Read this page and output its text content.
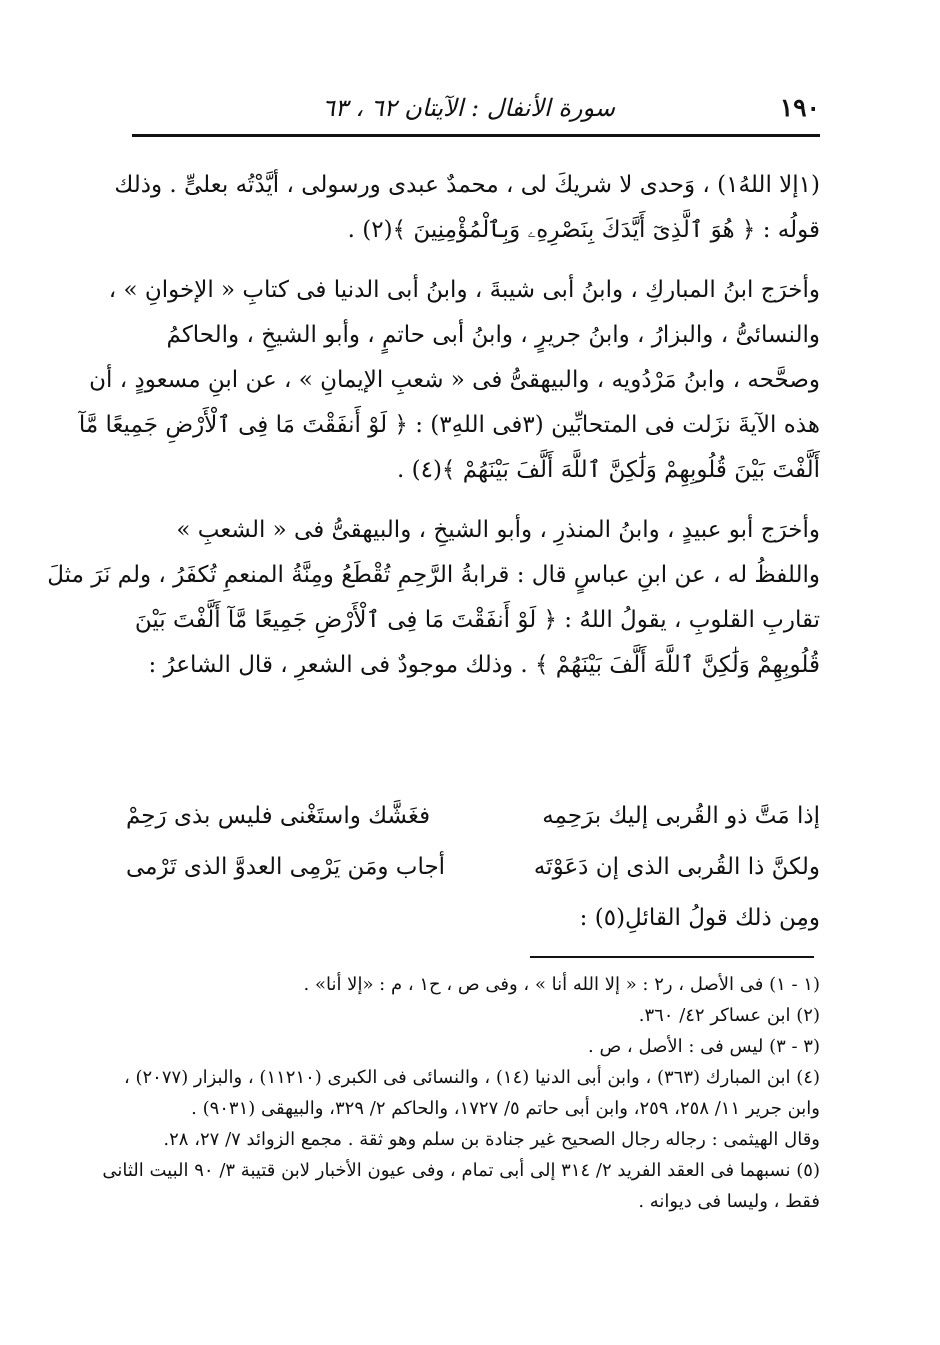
١٩٠
سورة الأنفال : الآيتان ٦٢ ، ٦٣

(١إلا اللهُ١) ، وَحدى لا شريكَ لى ، محمدٌ عبدى ورسولى ، أيَّدْتُه بعلىٍّ . وذلك
قولُه : ﴿ هُوَ ٱلَّذِىٓ أَيَّدَكَ بِنَصْرِهِۦ وَبِٱلْمُؤْمِنِينَ ﴾(٢) .

وأخرَج ابنُ المباركِ ، وابنُ أبى شيبةَ ، وابنُ أبى الدنيا فى كتابِ « الإخوانِ » ،
والنسائىُّ ، والبزارُ ، وابنُ جريرٍ ، وابنُ أبى حاتمٍ ، وأبو الشيخِ ، والحاكمُ
وصحَّحه ، وابنُ مَرْدُويه ، والبيهقىُّ فى « شعبِ الإيمانِ » ، عن ابنِ مسعودٍ ، أن
هذه الآيةَ نزَلت فى المتحابِّين (٣فى اللهِ٣) : ﴿ لَوْ أَنفَقْتَ مَا فِى ٱلْأَرْضِ جَمِيعًا مَّآ
أَلَّفْتَ بَيْنَ قُلُوبِهِمْ وَلَٰكِنَّ ٱللَّهَ أَلَّفَ بَيْنَهُمْ ﴾(٤) .

وأخرَج أبو عبيدٍ ، وابنُ المنذرِ ، وأبو الشيخِ ، والبيهقىُّ فى « الشعبِ »
واللفظُ له ، عن ابنِ عباسٍ قال : قرابةُ الرَّحِمِ تُقْطَعُ ومِنَّةُ المنعمِ تُكفَرُ ، ولم نَرَ مثلَ
تقاربِ القلوبِ ، يقولُ اللهُ : ﴿ لَوْ أَنفَقْتَ مَا فِى ٱلْأَرْضِ جَمِيعًا مَّآ أَلَّفْتَ بَيْنَ
قُلُوبِهِمْ وَلَٰكِنَّ ٱللَّهَ أَلَّفَ بَيْنَهُمْ ﴾ . وذلك موجودٌ فى الشعرِ ، قال الشاعرُ :

إذا مَتَّ ذو القُربى إليك برَحِمِه
فغَشَّك واستَغْنى فليس بذى رَحِمْ
ولكنَّ ذا القُربى الذى إن دَعَوْتَه
أجاب ومَن يَرْمِى العدوَّ الذى تَرْمى
ومِن ذلك قولُ القائلِ(٥) :
(١ - ١) فى الأصل ، ر٢ : « إلا الله أنا » ، وفى ص ، ح١ ، م : «إلا أنا» .
(٢) ابن عساكر ٤٢/ ٣٦٠.
(٣ - ٣) ليس فى : الأصل ، ص .
(٤) ابن المبارك (٣٦٣) ، وابن أبى الدنيا (١٤) ، والنسائى فى الكبرى (١١٢١٠) ، والبزار (٢٠٧٧) ،
وابن جرير ١١/ ٢٥٨، ٢٥٩، وابن أبى حاتم ٥/ ١٧٢٧، والحاكم ٢/ ٣٢٩، والبيهقى (٩٠٣١) .
وقال الهيثمى : رجاله رجال الصحيح غير جنادة بن سلم وهو ثقة . مجمع الزوائد ٧/ ٢٧، ٢٨.
(٥) نسبهما فى العقد الفريد ٢/ ٣١٤ إلى أبى تمام ، وفى عيون الأخبار لابن قتيبة ٣/ ٩٠ البيت الثانى
فقط ، وليسا فى ديوانه .
